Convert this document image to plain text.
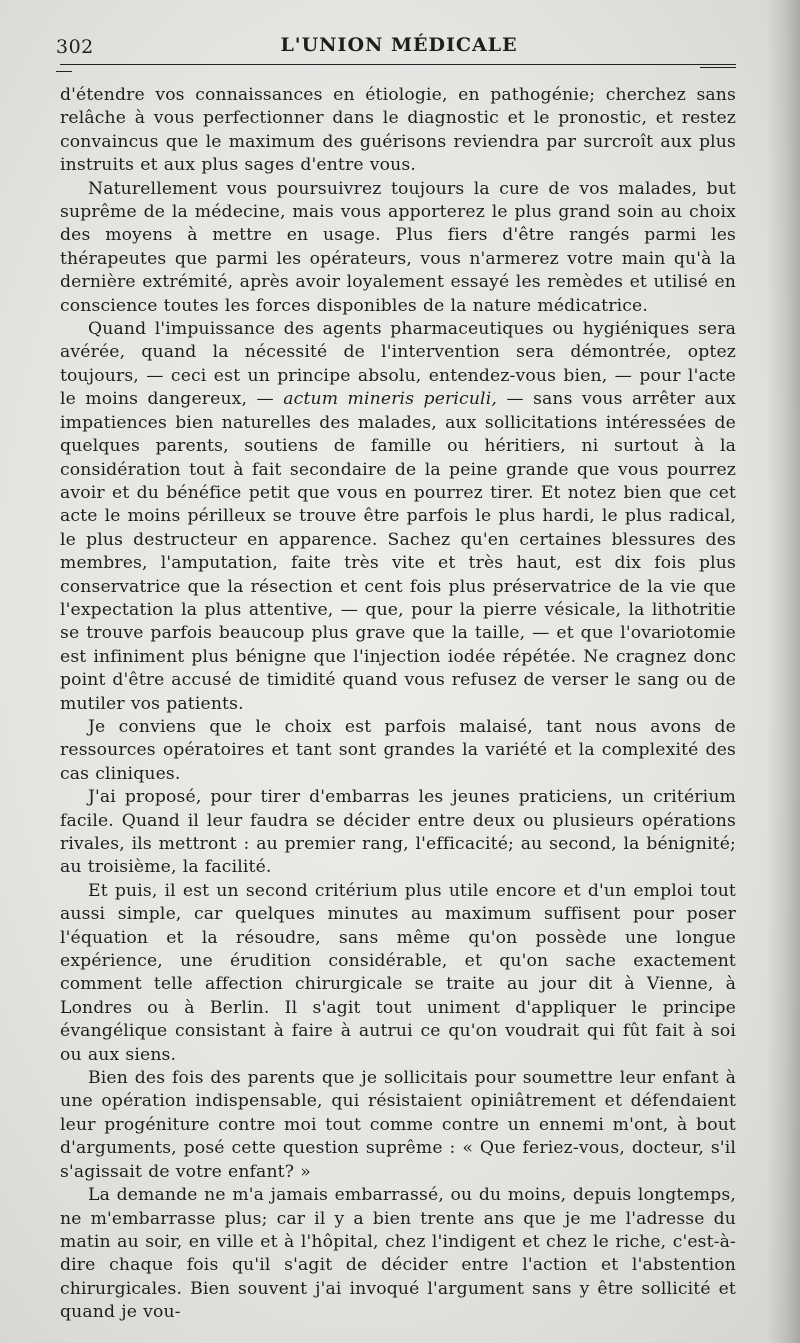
302	L'UNION MÉDICALE

d'étendre vos connaissances en étiologie, en pathogénie; cherchez sans relâche à vous perfectionner dans le diagnostic et le pronostic, et restez convaincus que le maximum des guérisons reviendra par surcroît aux plus instruits et aux plus sages d'entre vous.

Naturellement vous poursuivrez toujours la cure de vos malades, but suprême de la médecine, mais vous apporterez le plus grand soin au choix des moyens à mettre en usage. Plus fiers d'être rangés parmi les thérapeutes que parmi les opérateurs, vous n'armerez votre main qu'à la dernière extrémité, après avoir loyalement essayé les remèdes et utilisé en conscience toutes les forces disponibles de la nature médicatrice.

Quand l'impuissance des agents pharmaceutiques ou hygiéniques sera avérée, quand la nécessité de l'intervention sera démontrée, optez toujours, — ceci est un principe absolu, entendez-vous bien, — pour l'acte le moins dangereux, — actum mineris periculi, — sans vous arrêter aux impatiences bien naturelles des malades, aux sollicitations intéressées de quelques parents, soutiens de famille ou héritiers, ni surtout à la considération tout à fait secondaire de la peine grande que vous pourrez avoir et du bénéfice petit que vous en pourrez tirer. Et notez bien que cet acte le moins périlleux se trouve être parfois le plus hardi, le plus radical, le plus destructeur en apparence. Sachez qu'en certaines blessures des membres, l'amputation, faite très vite et très haut, est dix fois plus conservatrice que la résection et cent fois plus préservatrice de la vie que l'expectation la plus attentive, — que, pour la pierre vésicale, la lithotritie se trouve parfois beaucoup plus grave que la taille, — et que l'ovariotomie est infiniment plus bénigne que l'injection iodée répétée. Ne cragnez donc point d'être accusé de timidité quand vous refusez de verser le sang ou de mutiler vos patients.

Je conviens que le choix est parfois malaisé, tant nous avons de ressources opératoires et tant sont grandes la variété et la complexité des cas cliniques.

J'ai proposé, pour tirer d'embarras les jeunes praticiens, un critérium facile. Quand il leur faudra se décider entre deux ou plusieurs opérations rivales, ils mettront : au premier rang, l'efficacité; au second, la bénignité; au troisième, la facilité.

Et puis, il est un second critérium plus utile encore et d'un emploi tout aussi simple, car quelques minutes au maximum suffisent pour poser l'équation et la résoudre, sans même qu'on possède une longue expérience, une érudition considérable, et qu'on sache exactement comment telle affection chirurgicale se traite au jour dit à Vienne, à Londres ou à Berlin. Il s'agit tout uniment d'appliquer le principe évangélique consistant à faire à autrui ce qu'on voudrait qui fût fait à soi ou aux siens.

Bien des fois des parents que je sollicitais pour soumettre leur enfant à une opération indispensable, qui résistaient opiniâtrement et défendaient leur progéniture contre moi tout comme contre un ennemi m'ont, à bout d'arguments, posé cette question suprême : « Que feriez-vous, docteur, s'il s'agissait de votre enfant? »

La demande ne m'a jamais embarrassé, ou du moins, depuis longtemps, ne m'embarrasse plus; car il y a bien trente ans que je me l'adresse du matin au soir, en ville et à l'hôpital, chez l'indigent et chez le riche, c'est-à-dire chaque fois qu'il s'agit de décider entre l'action et l'abstention chirurgicales. Bien souvent j'ai invoqué l'argument sans y être sollicité et quand je vou-
